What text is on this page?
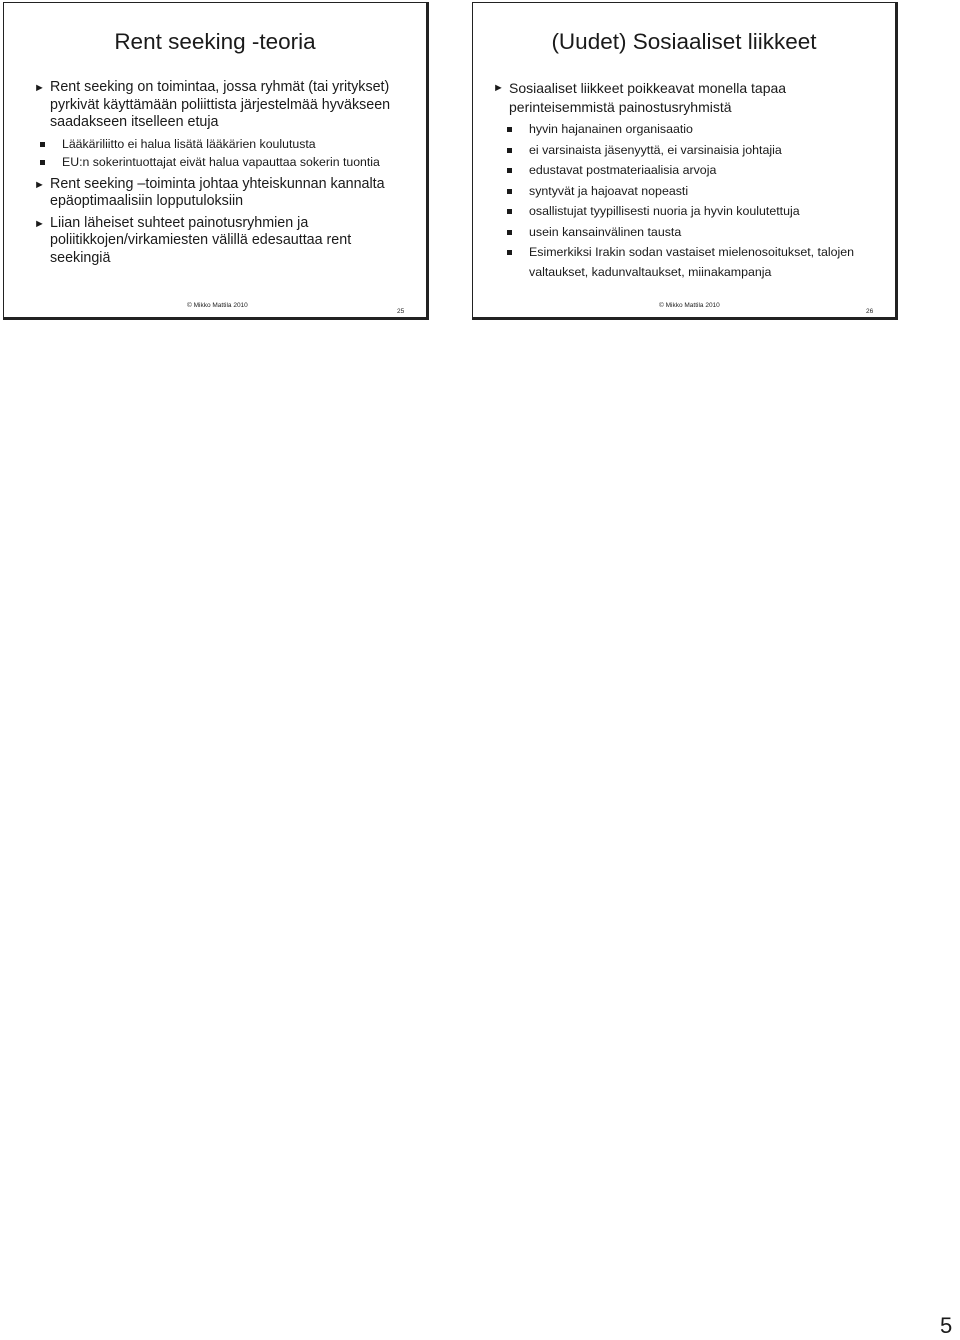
Rent seeking -teoria
► Rent seeking on toimintaa, jossa ryhmät (tai yritykset) pyrkivät käyttämään poliittista järjestelmää hyväkseen saadakseen itselleen etuja
Lääkäriliitto ei halua lisätä lääkärien koulutusta
EU:n sokerintuottajat eivät halua vapauttaa sokerin tuontia
► Rent seeking –toiminta johtaa yhteiskunnan kannalta epäoptimaalisiin lopputuloksiin
► Liian läheiset suhteet painotusryhmien ja poliitikkojen/virkamiesten välillä edesauttaa rent seekingiä
© Mikko Mattila 2010
25
(Uudet) Sosiaaliset liikkeet
► Sosiaaliset liikkeet poikkeavat monella tapaa perinteisemmistä painostusryhmistä
hyvin hajanainen organisaatio
ei varsinaista jäsenyyttä, ei varsinaisia johtajia
edustavat postmateriaalisia arvoja
syntyvät ja hajoavat nopeasti
osallistujat tyypillisesti nuoria ja hyvin koulutettuja
usein kansainvälinen tausta
Esimerkiksi Irakin sodan vastaiset mielenosoitukset, talojen valtaukset, kadunvaltaukset, miinakampanja
© Mikko Mattila 2010
26
5
